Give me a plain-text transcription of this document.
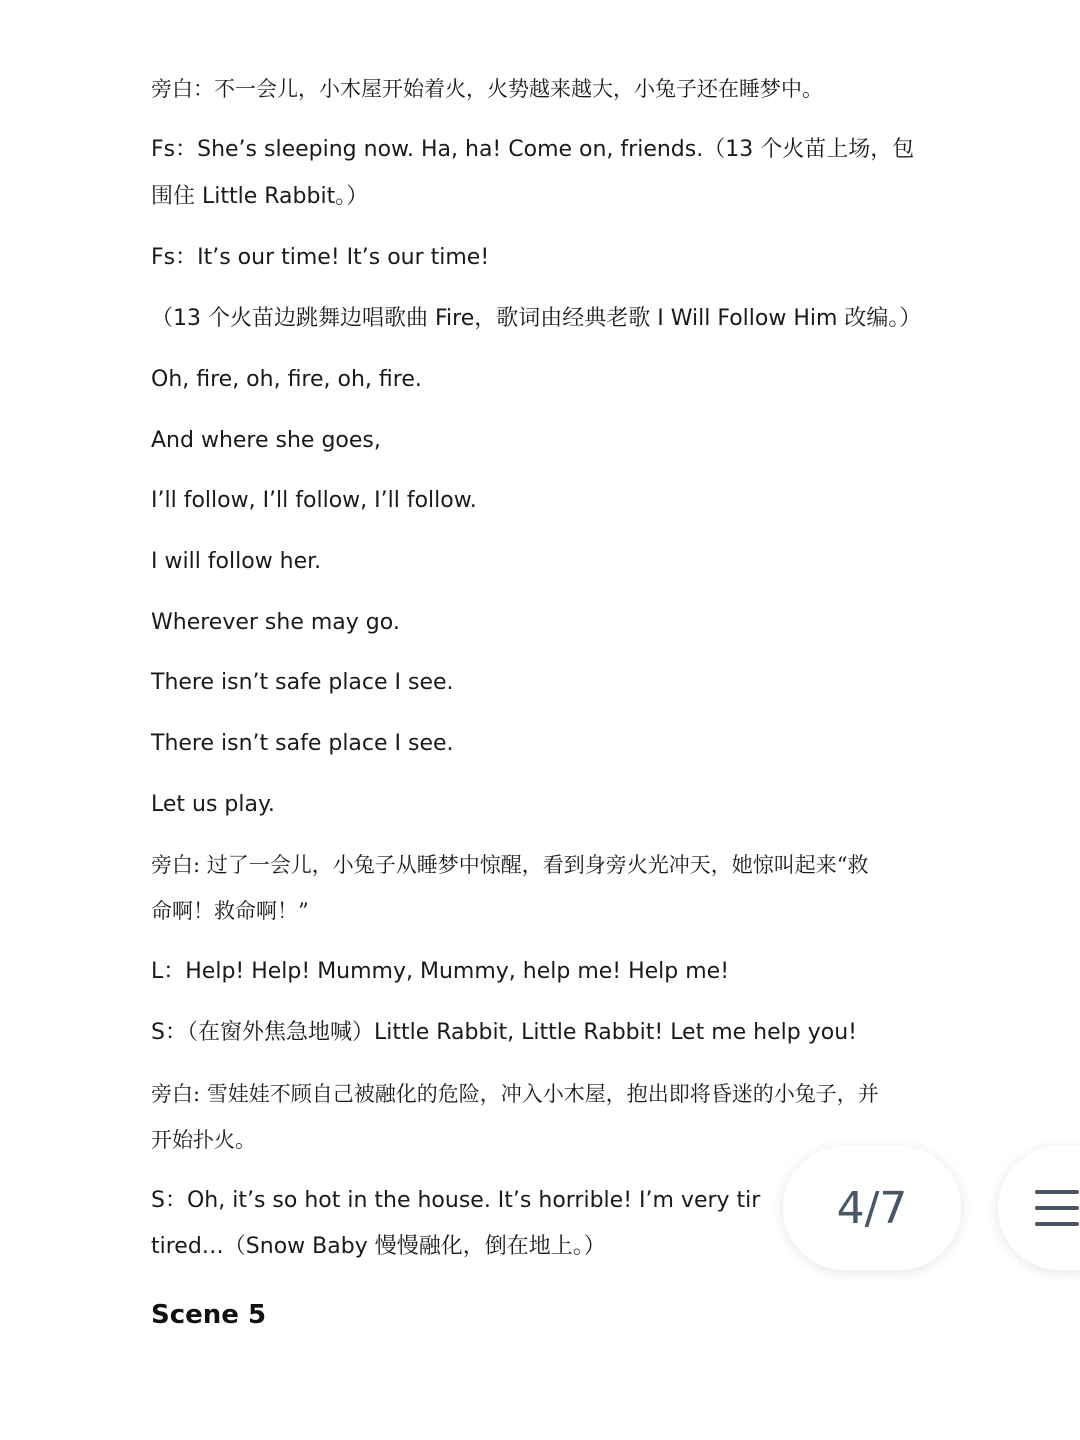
旁白：不一会儿，小木屋开始着火，火势越来越大，小兔子还在睡梦中。
Fs：She’s sleeping now. Ha, ha! Come on, friends.（13 个火苗上场，包
围住 Little Rabbit。）
Fs：It’s our time! It’s our time!
（13 个火苗边跳舞边唱歌曲 Fire，歌词由经典老歌 I Will Follow Him 改编。）
Oh, fire, oh, fire, oh, fire.
And where she goes,
I’ll follow, I’ll follow, I’ll follow.
I will follow her.
Wherever she may go.
There isn’t safe place I see.
There isn’t safe place I see.
Let us play.
旁白: 过了一会儿，小兔子从睡梦中惊醒，看到身旁火光冲天，她惊叫起来“救
命啊！救命啊！”
L：Help! Help! Mummy, Mummy, help me! Help me!
S：（在窗外焦急地喊）Little Rabbit, Little Rabbit! Let me help you!
旁白: 雪娃娃不顾自己被融化的危险，冲入小木屋，抱出即将昏迷的小兔子，并
开始扑火。
S：Oh, it’s so hot in the house. It’s horrible! I’m very tir
tired…（Snow Baby 慢慢融化，倒在地上。）
Scene 5
4/7
